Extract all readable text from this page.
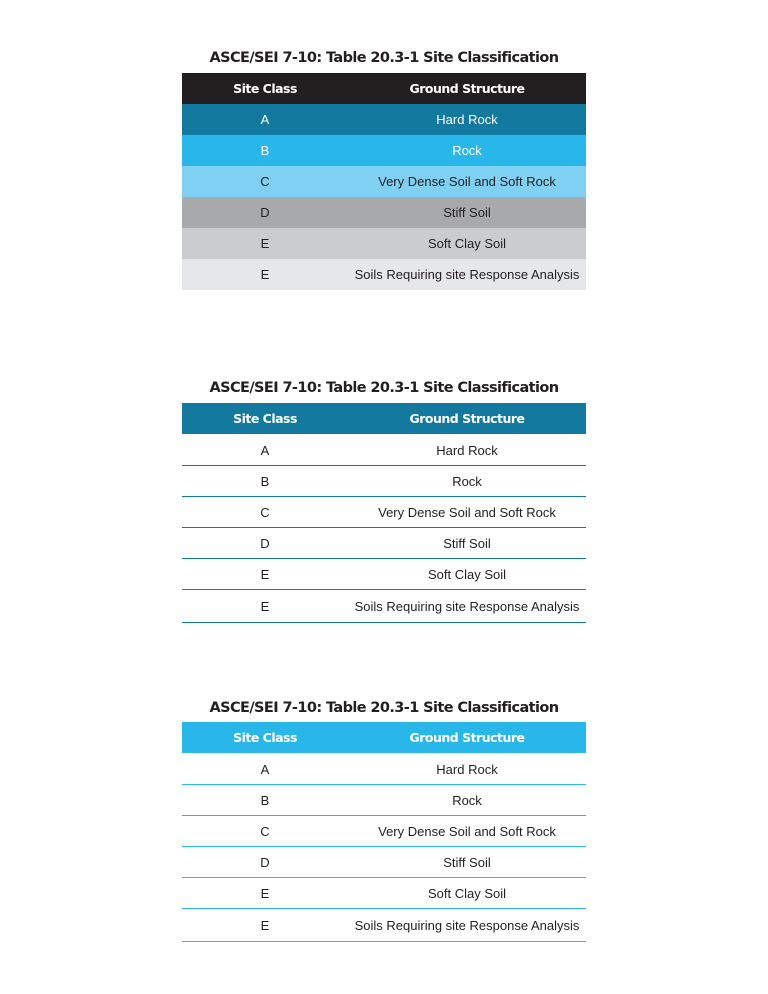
ASCE/SEI 7-10: Table 20.3-1 Site Classification
Site Class	Ground Structure
A	Hard Rock
B	Rock
C	Very Dense Soil and Soft Rock
D	Stiff Soil
E	Soft Clay Soil
E	Soils Requiring site Response Analysis
ASCE/SEI 7-10: Table 20.3-1 Site Classification
Site Class	Ground Structure
A	Hard Rock
B	Rock
C	Very Dense Soil and Soft Rock
D	Stiff Soil
E	Soft Clay Soil
E	Soils Requiring site Response Analysis
ASCE/SEI 7-10: Table 20.3-1 Site Classification
Site Class	Ground Structure
A	Hard Rock
B	Rock
C	Very Dense Soil and Soft Rock
D	Stiff Soil
E	Soft Clay Soil
E	Soils Requiring site Response Analysis
